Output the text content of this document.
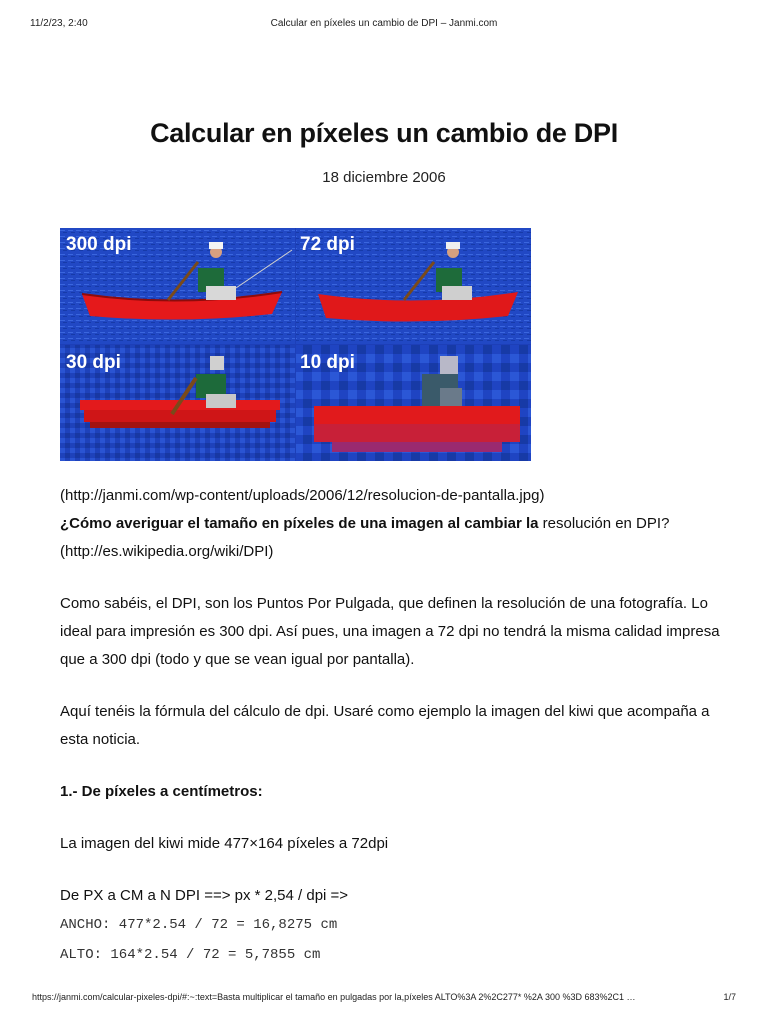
11/2/23, 2:40	Calcular en píxeles un cambio de DPI – Janmi.com
Calcular en píxeles un cambio de DPI
18 diciembre 2006
300 dpi	72 dpi
30 dpi	10 dpi

(http://janmi.com/wp-content/uploads/2006/12/resolucion-de-pantalla.jpg)

¿Cómo averiguar el tamaño en píxeles de una imagen al cambiar la resolución en DPI?

(http://es.wikipedia.org/wiki/DPI)

Como sabéis, el DPI, son los Puntos Por Pulgada, que definen la resolución de una fotografía. Lo ideal para impresión es 300 dpi. Así pues, una imagen a 72 dpi no tendrá la misma calidad impresa que a 300 dpi (todo y que se vean igual por pantalla).

Aquí tenéis la fórmula del cálculo de dpi. Usaré como ejemplo la imagen del kiwi que acompaña a esta noticia.

1.- De píxeles a centímetros:

La imagen del kiwi mide 477×164 píxeles a 72dpi

De PX a CM a N DPI ==> px * 2,54 / dpi =>

ANCHO: 477*2.54 / 72 = 16,8275 cm

ALTO: 164*2.54 / 72 = 5,7855 cm

https://janmi.com/calcular-pixeles-dpi/#:~:text=Basta multiplicar el tamaño en pulgadas por la,píxeles ALTO%3A 2%2C277* %2A 300 %3D 683%2C1 …	1/7
